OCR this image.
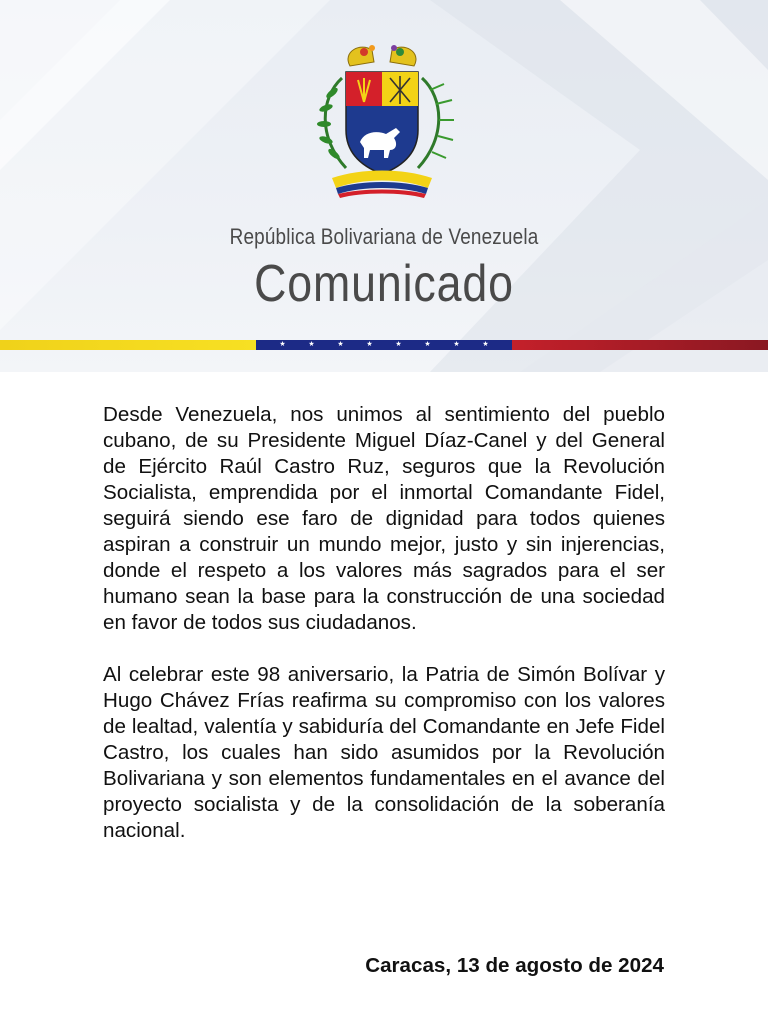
República Bolivariana de Venezuela
Comunicado
★	★	★	★	★	★	★	★

Desde Venezuela, nos unimos al sentimiento del pueblo cubano, de su Presidente Miguel Díaz-Canel y del General de Ejército Raúl Castro Ruz, seguros que la Revolución Socialista, emprendida por el inmortal Comandante Fidel, seguirá siendo ese faro de dignidad para todos quienes aspiran a construir un mundo mejor, justo y sin injerencias, donde el respeto a los valores más sagrados para el ser humano sean la base para la construcción de una sociedad en favor de todos sus ciudadanos.

Al celebrar este 98 aniversario, la Patria de Simón Bolívar y Hugo Chávez Frías reafirma su compromiso con los valores de lealtad, valentía y sabiduría del Comandante en Jefe Fidel Castro, los cuales han sido asumidos por la Revolución Bolivariana y son elementos fundamentales en el avance del proyecto socialista y de la consolidación de la soberanía nacional.

Caracas, 13 de agosto de 2024
